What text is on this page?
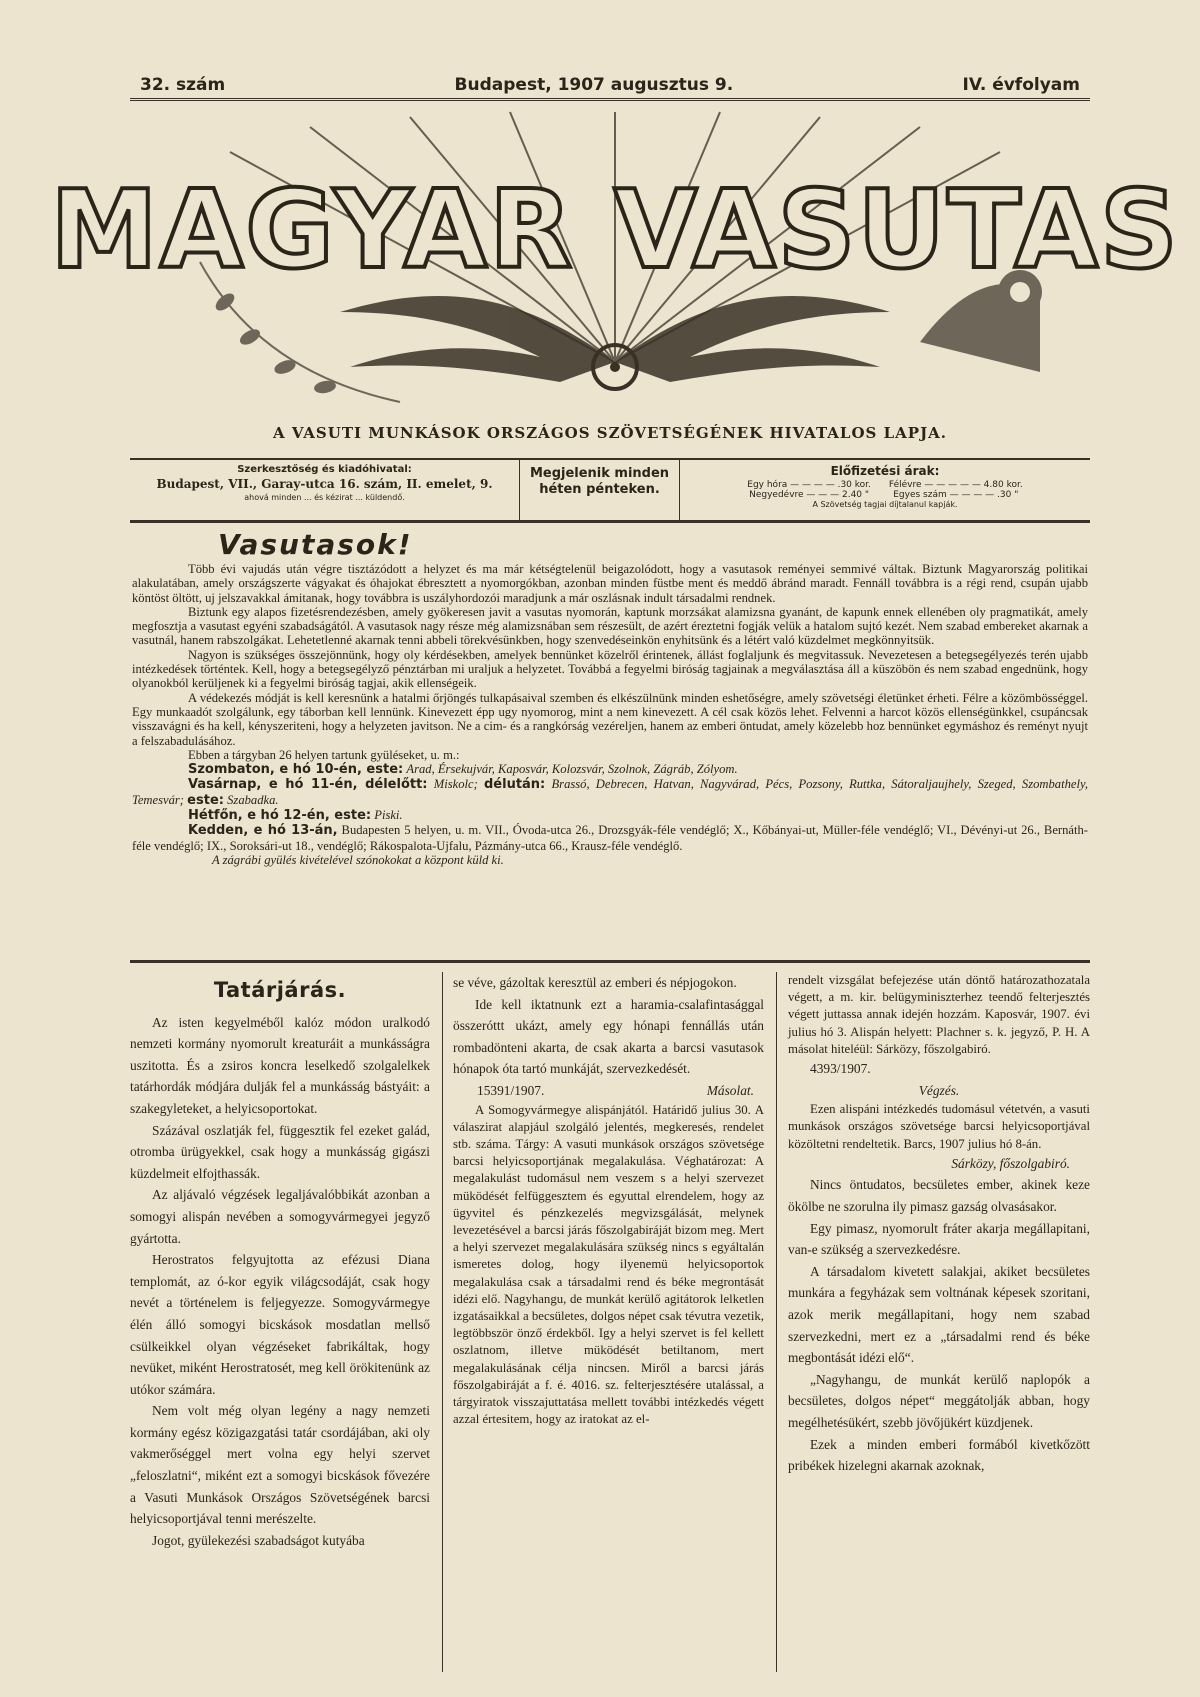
32. szám	Budapest, 1907 augusztus 9.	IV. évfolyam
MAGYAR VASUTAS
A VASUTI MUNKÁSOK ORSZÁGOS SZÖVETSÉGÉNEK HIVATALOS LAPJA.
Szerkesztőség és kiadóhivatal:
Budapest, VII., Garay-utca 16. szám, II. emelet, 9.
ahová minden ... és kézirat ... küldendő.
Megjelenik minden héten pénteken.
Előfizetési árak:
Egy hóra — — — — .30 kor.
Negyedévre — — — 2.40 "
Félévre — — — — — 4.80 kor.
Egyes szám — — — — .30 "
A Szövetség tagjai díjtalanul kapják.
Vasutasok!

Több évi vajudás után végre tisztázódott a helyzet és ma már kétségtelenül beigazolódott, hogy a vasutasok reményei semmivé váltak. Biztunk Magyarország politikai alakulatában, amely országszerte vágyakat és óhajokat ébresztett a nyomorgókban, azonban minden füstbe ment és meddő ábránd maradt. Fennáll továbbra is a régi rend, csupán ujabb köntöst öltött, uj jelszavakkal ámitanak, hogy továbbra is uszályhordozói maradjunk a már oszlásnak indult társadalmi rendnek.

Biztunk egy alapos fizetésrendezésben, amely gyökeresen javit a vasutas nyomorán, kaptunk morzsákat alamizsna gyanánt, de kapunk ennek ellenében oly pragmatikát, amely megfosztja a vasutast egyéni szabadságától. A vasutasok nagy része még alamizsnában sem részesült, de azért éreztetni fogják velük a hatalom sujtó kezét. Nem szabad embereket akarnak a vasutnál, hanem rabszolgákat. Lehetetlenné akarnak tenni abbeli törekvésünkben, hogy szenvedéseinkön enyhitsünk és a létért való küzdelmet megkönnyitsük.

Nagyon is szükséges összejönnünk, hogy oly kérdésekben, amelyek bennünket közelről érintenek, állást foglaljunk és megvitassuk. Nevezetesen a betegsegélyezés terén ujabb intézkedések történtek. Kell, hogy a betegsegélyző pénztárban mi uraljuk a helyzetet. Továbbá a fegyelmi biróság tagjainak a megválasztása áll a küszöbön és nem szabad engednünk, hogy olyanokból kerüljenek ki a fegyelmi biróság tagjai, akik ellenségeik.

A védekezés módját is kell keresnünk a hatalmi őrjöngés tulkapásaival szemben és elkészülnünk minden eshetőségre, amely szövetségi életünket érheti. Félre a közömbösséggel. Egy munkaadót szolgálunk, egy táborban kell lennünk. Kinevezett épp ugy nyomorog, mint a nem kinevezett. A cél csak közös lehet. Felvenni a harcot közös ellenségünkkel, csupáncsak visszavágni és ha kell, kényszeriteni, hogy a helyzeten javitson. Ne a cim- és a rangkórság vezéreljen, hanem az emberi öntudat, amely közelebb hoz bennünket egymáshoz és reményt nyujt a felszabadulásához.

Ebben a tárgyban 26 helyen tartunk gyüléseket, u. m.:

Szombaton, e hó 10-én, este: Arad, Érsekujvár, Kaposvár, Kolozsvár, Szolnok, Zágráb, Zólyom.

Vasárnap, e hó 11-én, délelőtt: Miskolc; délután: Brassó, Debrecen, Hatvan, Nagyvárad, Pécs, Pozsony, Ruttka, Sátoraljaujhely, Szeged, Szombathely, Temesvár; este: Szabadka.

Hétfőn, e hó 12-én, este: Piski.

Kedden, e hó 13-án, Budapesten 5 helyen, u. m. VII., Óvoda-utca 26., Drozsgyák-féle vendéglő; X., Kőbányai-ut, Müller-féle vendéglő; VI., Dévényi-ut 26., Bernáth-féle vendéglő; IX., Soroksári-ut 18., vendéglő; Rákospalota-Ujfalu, Pázmány-utca 66., Krausz-féle vendéglő.

A zágrábi gyülés kivételével szónokokat a központ küld ki.

Tatárjárás.

Az isten kegyelméből kalóz módon uralkodó nemzeti kormány nyomorult kreaturáit a munkásságra uszitotta. És a zsiros koncra leselkedő szolgalelkek tatárhordák módjára dulják fel a munkásság bástyáit: a szakegyleteket, a helyicsoportokat.

Százával oszlatják fel, függesztik fel ezeket galád, otromba ürügyekkel, csak hogy a munkásság gigászi küzdelmeit elfojthassák.

Az aljávaló végzések legaljávalóbbikát azonban a somogyi alispán nevében a somogyvármegyei jegyző gyártotta.

Herostratos felgyujtotta az efézusi Diana templomát, az ó-kor egyik világcsodáját, csak hogy nevét a történelem is feljegyezze. Somogyvármegye élén álló somogyi bicskások mosdatlan mellső csülkeikkel olyan végzéseket fabrikáltak, hogy nevüket, miként Herostratosét, meg kell örökitenünk az utókor számára.

Nem volt még olyan legény a nagy nemzeti kormány egész közigazgatási tatár csordájában, aki oly vakmerőséggel mert volna egy helyi szervet „feloszlatni“, miként ezt a somogyi bicskások fővezére a Vasuti Munkások Országos Szövetségének barcsi helyicsoportjával tenni merészelte.

Jogot, gyülekezési szabadságot kutyába

se véve, gázoltak keresztül az emberi és népjogokon.

Ide kell iktatnunk ezt a haramia-csalafintasággal összeróttt ukázt, amely egy hónapi fennállás után rombadönteni akarta, de csak akarta a barcsi vasutasok hónapok óta tartó munkáját, szervezkedését.

15391/1907.	Másolat.

A Somogyvármegye alispánjától. Határidő julius 30. A válaszirat alapjául szolgáló jelentés, megkeresés, rendelet stb. száma. Tárgy: A vasuti munkások országos szövetsége barcsi helyicsoportjának megalakulása. Véghatározat: A megalakulást tudomásul nem veszem s a helyi szervezet müködését felfüggesztem és egyuttal elrendelem, hogy az ügyvitel és pénzkezelés megvizsgálását, melynek levezetésével a barcsi járás főszolgabiráját bizom meg. Mert a helyi szervezet megalakulására szükség nincs s egyáltalán ismeretes dolog, hogy ilyenemü helyicsoportok megalakulása csak a társadalmi rend és béke megrontását idézi elő. Nagyhangu, de munkát kerülő agitátorok lelketlen izgatásaikkal a becsületes, dolgos népet csak tévutra vezetik, legtöbbször önző érdekből. Igy a helyi szervet is fel kellett oszlatnom, illetve müködését betiltanom, mert megalakulásának célja nincsen. Miről a barcsi járás főszolgabiráját a f. é. 4016. sz. felterjesztésére utalással, a tárgyiratok visszajuttatása mellett további intézkedés végett azzal értesitem, hogy az iratokat az el-

rendelt vizsgálat befejezése után döntő határozathozatala végett, a m. kir. belügyminiszterhez teendő felterjesztés végett juttassa annak idején hozzám. Kaposvár, 1907. évi julius hó 3. Alispán helyett: Plachner s. k. jegyző, P. H. A másolat hiteléül: Sárközy, főszolgabiró.

4393/1907.
Végzés.

Ezen alispáni intézkedés tudomásul vétetvén, a vasuti munkások országos szövetsége barcsi helyicsoportjával közöltetni rendeltetik. Barcs, 1907 julius hó 8-án.

Sárközy, főszolgabiró.

Nincs öntudatos, becsületes ember, akinek keze ökölbe ne szorulna ily pimasz gazság olvasásakor.

Egy pimasz, nyomorult fráter akarja megállapitani, van-e szükség a szervezkedésre.

A társadalom kivetett salakjai, akiket becsületes munkára a fegyházak sem voltnának képesek szoritani, azok merik megállapitani, hogy nem szabad szervezkedni, mert ez a „társadalmi rend és béke megbontását idézi elő“.

„Nagyhangu, de munkát kerülő naplopók a becsületes, dolgos népet“ meggátolják abban, hogy megélhetésükért, szebb jövőjükért küzdjenek.

Ezek a minden emberi formából kivetkőzött pribékek hizelegni akarnak azoknak,
